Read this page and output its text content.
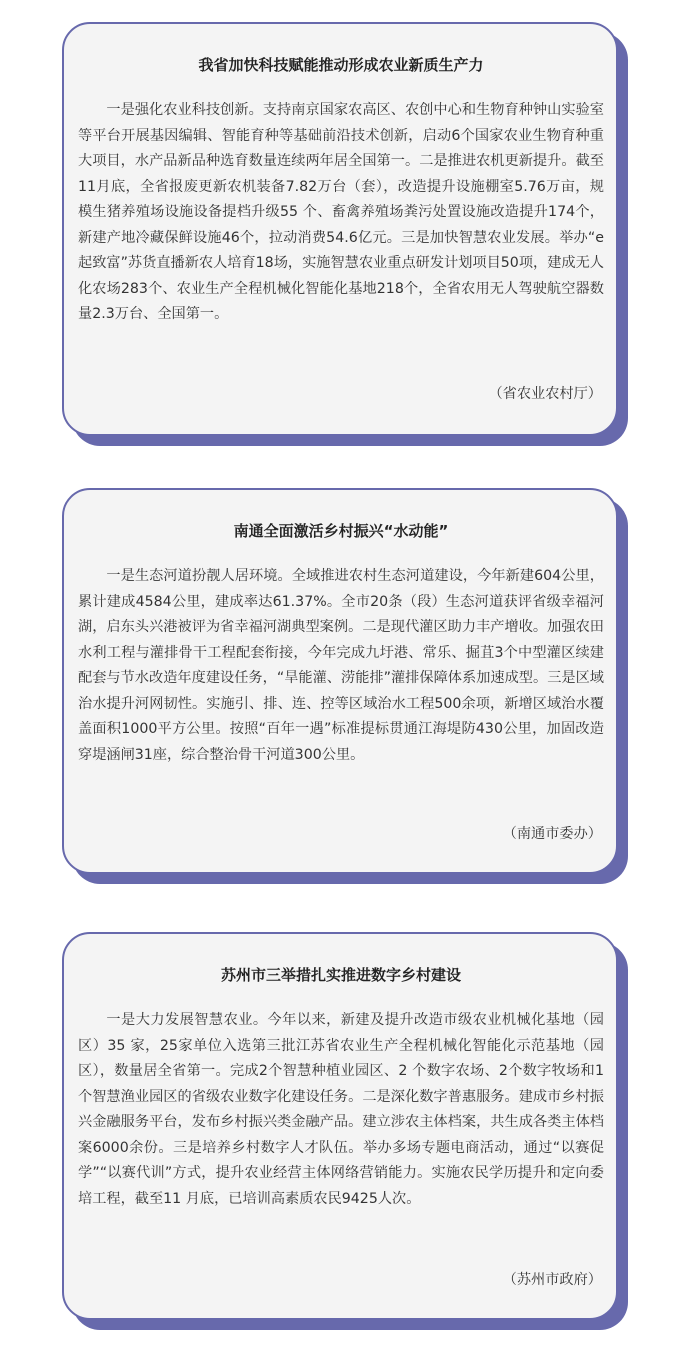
我省加快科技赋能推动形成农业新质生产力

一是强化农业科技创新。支持南京国家农高区、农创中心和生物育种钟山实验室等平台开展基因编辑、智能育种等基础前沿技术创新，启动6个国家农业生物育种重大项目，水产品新品种选育数量连续两年居全国第一。二是推进农机更新提升。截至11月底，全省报废更新农机装备7.82万台（套），改造提升设施棚室5.76万亩，规模生猪养殖场设施设备提档升级55 个、畜禽养殖场粪污处置设施改造提升174个，新建产地冷藏保鲜设施46个，拉动消费54.6亿元。三是加快智慧农业发展。举办“e 起致富”苏货直播新农人培育18场，实施智慧农业重点研发计划项目50项，建成无人化农场283个、农业生产全程机械化智能化基地218个，全省农用无人驾驶航空器数量2.3万台、全国第一。

（省农业农村厅）
南通全面激活乡村振兴“水动能”

一是生态河道扮靓人居环境。全域推进农村生态河道建设，今年新建604公里，累计建成4584公里，建成率达61.37%。全市20条（段）生态河道获评省级幸福河湖，启东头兴港被评为省幸福河湖典型案例。二是现代灌区助力丰产增收。加强农田水利工程与灌排骨干工程配套衔接，今年完成九圩港、常乐、掘苴3个中型灌区续建配套与节水改造年度建设任务，“旱能灌、涝能排”灌排保障体系加速成型。三是区域治水提升河网韧性。实施引、排、连、控等区域治水工程500余项，新增区域治水覆盖面积1000平方公里。按照“百年一遇”标准提标贯通江海堤防430公里，加固改造穿堤涵闸31座，综合整治骨干河道300公里。

（南通市委办）
苏州市三举措扎实推进数字乡村建设

一是大力发展智慧农业。今年以来，新建及提升改造市级农业机械化基地（园区）35 家，25家单位入选第三批江苏省农业生产全程机械化智能化示范基地（园区），数量居全省第一。完成2个智慧种植业园区、2 个数字农场、2个数字牧场和1个智慧渔业园区的省级农业数字化建设任务。二是深化数字普惠服务。建成市乡村振兴金融服务平台，发布乡村振兴类金融产品。建立涉农主体档案，共生成各类主体档案6000余份。三是培养乡村数字人才队伍。举办多场专题电商活动，通过“以赛促学”“以赛代训”方式，提升农业经营主体网络营销能力。实施农民学历提升和定向委培工程，截至11 月底，已培训高素质农民9425人次。

（苏州市政府）
